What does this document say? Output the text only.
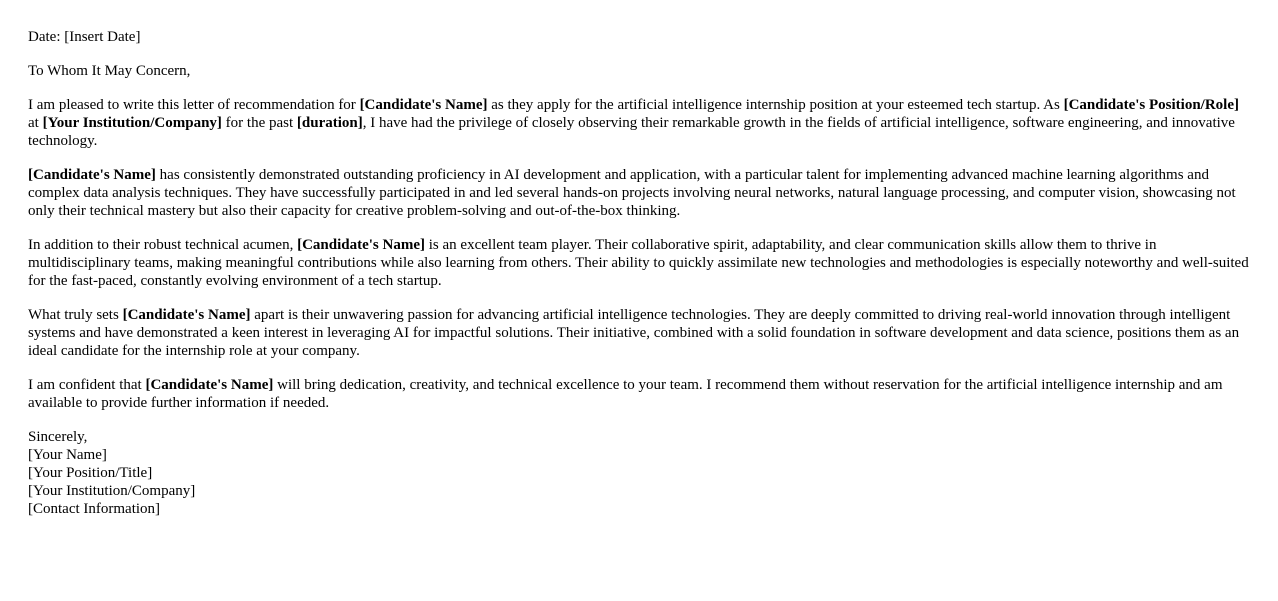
Date: [Insert Date]

To Whom It May Concern,

I am pleased to write this letter of recommendation for [Candidate's Name] as they apply for the artificial intelligence internship position at your esteemed tech startup. As [Candidate's Position/Role] at [Your Institution/Company] for the past [duration], I have had the privilege of closely observing their remarkable growth in the fields of artificial intelligence, software engineering, and innovative technology.

[Candidate's Name] has consistently demonstrated outstanding proficiency in AI development and application, with a particular talent for implementing advanced machine learning algorithms and complex data analysis techniques. They have successfully participated in and led several hands-on projects involving neural networks, natural language processing, and computer vision, showcasing not only their technical mastery but also their capacity for creative problem-solving and out-of-the-box thinking.

In addition to their robust technical acumen, [Candidate's Name] is an excellent team player. Their collaborative spirit, adaptability, and clear communication skills allow them to thrive in multidisciplinary teams, making meaningful contributions while also learning from others. Their ability to quickly assimilate new technologies and methodologies is especially noteworthy and well-suited for the fast-paced, constantly evolving environment of a tech startup.

What truly sets [Candidate's Name] apart is their unwavering passion for advancing artificial intelligence technologies. They are deeply committed to driving real-world innovation through intelligent systems and have demonstrated a keen interest in leveraging AI for impactful solutions. Their initiative, combined with a solid foundation in software development and data science, positions them as an ideal candidate for the internship role at your company.

I am confident that [Candidate's Name] will bring dedication, creativity, and technical excellence to your team. I recommend them without reservation for the artificial intelligence internship and am available to provide further information if needed.

Sincerely,
[Your Name]
[Your Position/Title]
[Your Institution/Company]
[Contact Information]
